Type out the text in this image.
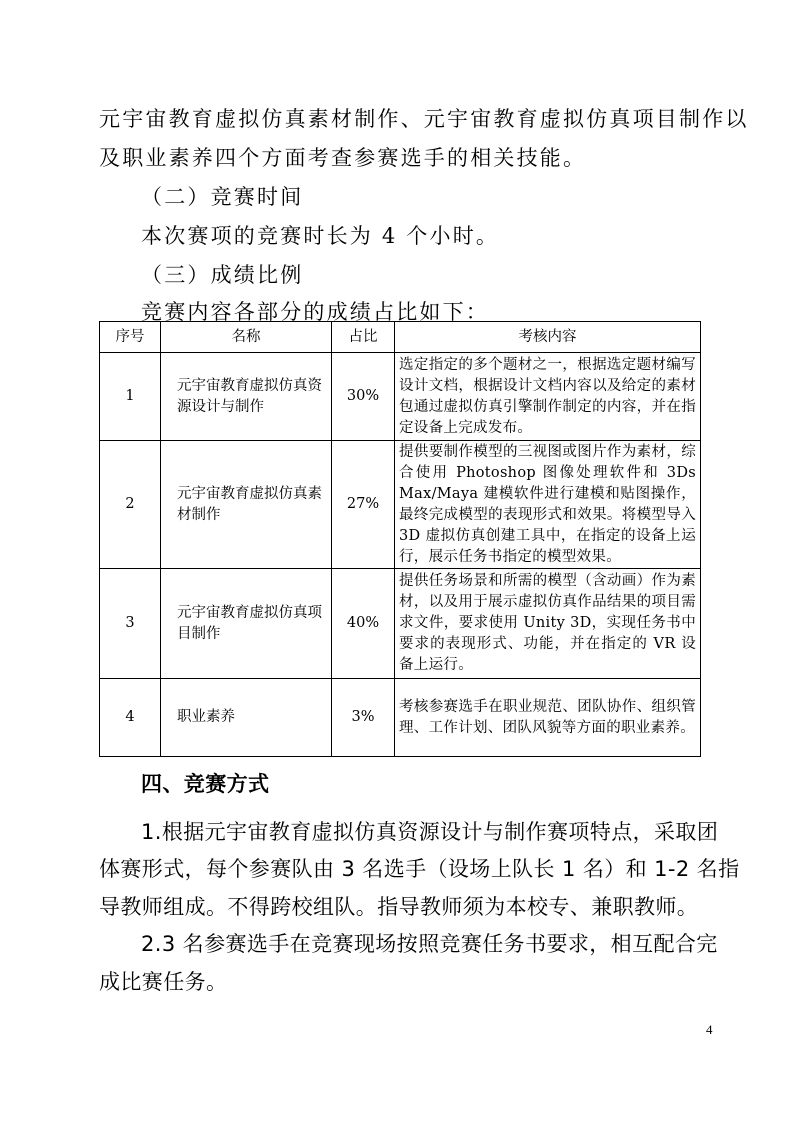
元宇宙教育虚拟仿真素材制作、元宇宙教育虚拟仿真项目制作以
及职业素养四个方面考查参赛选手的相关技能。
（二）竞赛时间
本次赛项的竞赛时长为 4 个小时。
（三）成绩比例
竞赛内容各部分的成绩占比如下：
序号	名称	占比	考核内容
1	元宇宙教育虚拟仿真资源设计与制作	30%	选定指定的多个题材之一，根据选定题材编写设计文档，根据设计文档内容以及给定的素材包通过虚拟仿真引擎制作制定的内容，并在指定设备上完成发布。
2	元宇宙教育虚拟仿真素材制作	27%	提供要制作模型的三视图或图片作为素材，综合使用 Photoshop 图像处理软件和 3Ds Max/Maya 建模软件进行建模和贴图操作，最终完成模型的表现形式和效果。将模型导入 3D 虚拟仿真创建工具中，在指定的设备上运行，展示任务书指定的模型效果。
3	元宇宙教育虚拟仿真项目制作	40%	提供任务场景和所需的模型（含动画）作为素材，以及用于展示虚拟仿真作品结果的项目需求文件，要求使用 Unity 3D，实现任务书中要求的表现形式、功能，并在指定的 VR 设备上运行。
4	职业素养	3%	考核参赛选手在职业规范、团队协作、组织管理、工作计划、团队风貌等方面的职业素养。
四、竞赛方式
1.根据元宇宙教育虚拟仿真资源设计与制作赛项特点，采取团
体赛形式，每个参赛队由 3 名选手（设场上队长 1 名）和 1-2 名指
导教师组成。不得跨校组队。指导教师须为本校专、兼职教师。
2.3 名参赛选手在竞赛现场按照竞赛任务书要求，相互配合完
成比赛任务。
4
